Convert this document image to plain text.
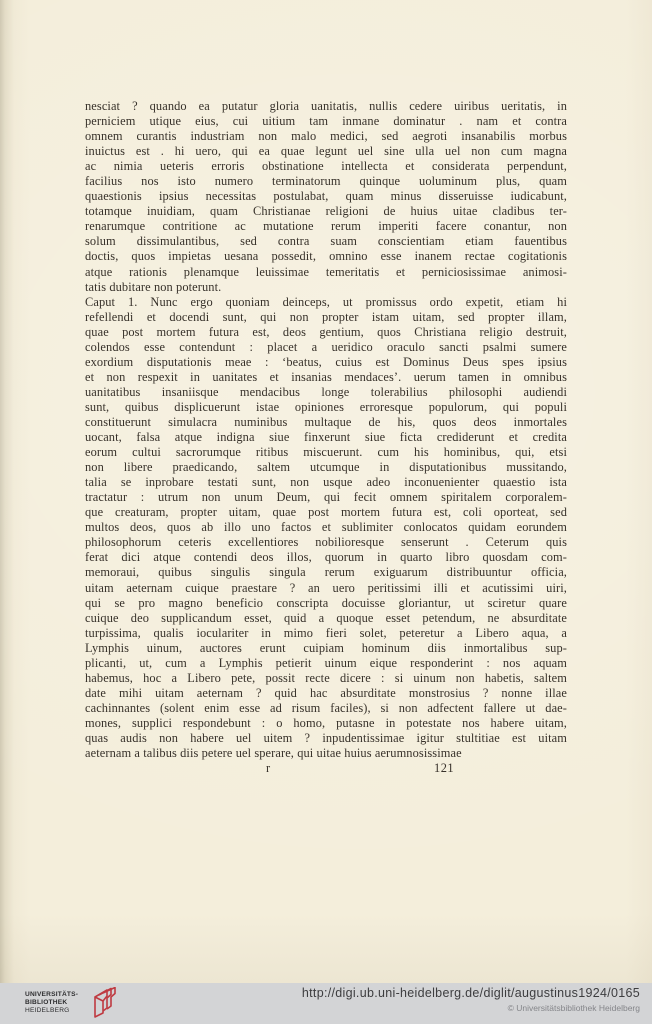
nesciat ? quando ea putatur gloria uanitatis, nullis cedere uiribus ueritatis, in
perniciem utique eius, cui uitium tam inmane dominatur . nam et contra
omnem curantis industriam non malo medici, sed aegroti insanabilis morbus
inuictus est . hi uero, qui ea quae legunt uel sine ulla uel non cum magna
ac nimia ueteris erroris obstinatione intellecta et considerata perpendunt,
facilius nos isto numero terminatorum quinque uoluminum plus, quam
quaestionis ipsius necessitas postulabat, quam minus disseruisse iudicabunt,
totamque inuidiam, quam Christianae religioni de huius uitae cladibus ter-
renarumque contritione ac mutatione rerum imperiti facere conantur, non
solum dissimulantibus, sed contra suam conscientiam etiam fauentibus
doctis, quos impietas uesana possedit, omnino esse inanem rectae cogitationis
atque rationis plenamque leuissimae temeritatis et perniciosissimae animosi-
tatis dubitare non poterunt.
Caput 1. Nunc ergo quoniam deinceps, ut promissus ordo expetit, etiam hi
refellendi et docendi sunt, qui non propter istam uitam, sed propter illam,
quae post mortem futura est, deos gentium, quos Christiana religio destruit,
colendos esse contendunt : placet a ueridico oraculo sancti psalmi sumere
exordium disputationis meae : ‘beatus, cuius est Dominus Deus spes ipsius
et non respexit in uanitates et insanias mendaces’. uerum tamen in omnibus
uanitatibus insaniisque mendacibus longe tolerabilius philosophi audiendi
sunt, quibus displicuerunt istae opiniones erroresque populorum, qui populi
constituerunt simulacra numinibus multaque de his, quos deos inmortales
uocant, falsa atque indigna siue finxerunt siue ficta crediderunt et credita
eorum cultui sacrorumque ritibus miscuerunt. cum his hominibus, qui, etsi
non libere praedicando, saltem utcumque in disputationibus mussitando,
talia se inprobare testati sunt, non usque adeo inconuenienter quaestio ista
tractatur : utrum non unum Deum, qui fecit omnem spiritalem corporalem-
que creaturam, propter uitam, quae post mortem futura est, coli oporteat, sed
multos deos, quos ab illo uno factos et sublimiter conlocatos quidam eorundem
philosophorum ceteris excellentiores nobilioresque senserunt . Ceterum quis
ferat dici atque contendi deos illos, quorum in quarto libro quosdam com-
memoraui, quibus singulis singula rerum exiguarum distribuuntur officia,
uitam aeternam cuique praestare ? an uero peritissimi illi et acutissimi uiri,
qui se pro magno beneficio conscripta docuisse gloriantur, ut sciretur quare
cuique deo supplicandum esset, quid a quoque esset petendum, ne absurditate
turpissima, qualis ioculariter in mimo fieri solet, peteretur a Libero aqua, a
Lymphis uinum, auctores erunt cuipiam hominum diis inmortalibus sup-
plicanti, ut, cum a Lymphis petierit uinum eique responderint : nos aquam
habemus, hoc a Libero pete, possit recte dicere : si uinum non habetis, saltem
date mihi uitam aeternam ? quid hac absurditate monstrosius ? nonne illae
cachinnantes (solent enim esse ad risum faciles), si non adfectent fallere ut dae-
mones, supplici respondebunt : o homo, putasne in potestate nos habere uitam,
quas audis non habere uel uitem ? inpudentissimae igitur stultitiae est uitam
aeternam a talibus diis petere uel sperare, qui uitae huius aerumnosissimae
r	121
UNIVERSITÄTS-
BIBLIOTHEK
HEIDELBERG
http://digi.ub.uni-heidelberg.de/diglit/augustinus1924/0165
© Universitätsbibliothek Heidelberg
